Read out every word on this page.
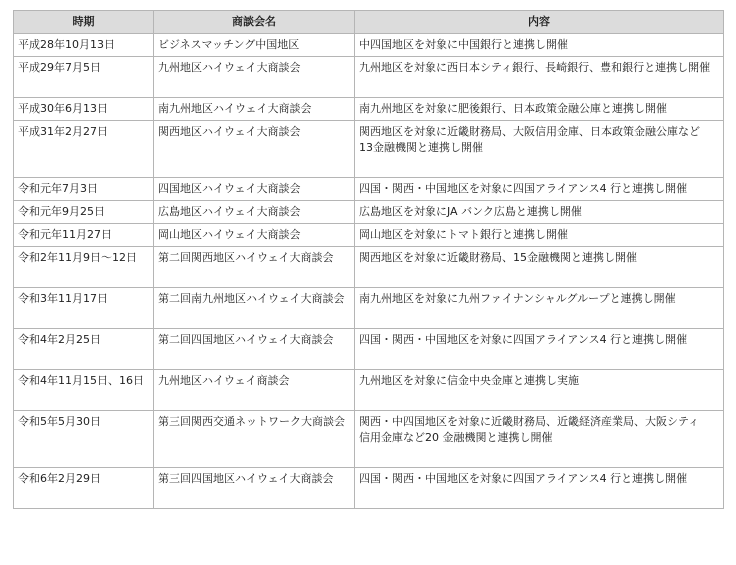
時期	商談会名	内容
平成28年10月13日	ビジネスマッチング中国地区	中四国地区を対象に中国銀行と連携し開催
平成29年7月5日	九州地区ハイウェイ大商談会	九州地区を対象に西日本シティ銀行、長崎銀行、豊和銀行と連携し開催
平成30年6月13日	南九州地区ハイウェイ大商談会	南九州地区を対象に肥後銀行、日本政策金融公庫と連携し開催
平成31年2月27日	関西地区ハイウェイ大商談会	関西地区を対象に近畿財務局、大阪信用金庫、日本政策金融公庫など
13金融機関と連携し開催
令和元年7月3日	四国地区ハイウェイ大商談会	四国・関西・中国地区を対象に四国アライアンス4 行と連携し開催
令和元年9月25日	広島地区ハイウェイ大商談会	広島地区を対象にJA バンク広島と連携し開催
令和元年11月27日	岡山地区ハイウェイ大商談会	岡山地区を対象にトマト銀行と連携し開催
令和2年11月9日～12日	第二回関西地区ハイウェイ大商談会	関西地区を対象に近畿財務局、15金融機関と連携し開催
令和3年11月17日	第二回南九州地区ハイウェイ大商談会	南九州地区を対象に九州ファイナンシャルグループと連携し開催
令和4年2月25日	第二回四国地区ハイウェイ大商談会	四国・関西・中国地区を対象に四国アライアンス4 行と連携し開催
令和4年11月15日、16日	九州地区ハイウェイ商談会	九州地区を対象に信金中央金庫と連携し実施
令和5年5月30日	第三回関西交通ネットワーク大商談会	関西・中四国地区を対象に近畿財務局、近畿経済産業局、大阪シティ
信用金庫など20 金融機関と連携し開催
令和6年2月29日	第三回四国地区ハイウェイ大商談会	四国・関西・中国地区を対象に四国アライアンス4 行と連携し開催
